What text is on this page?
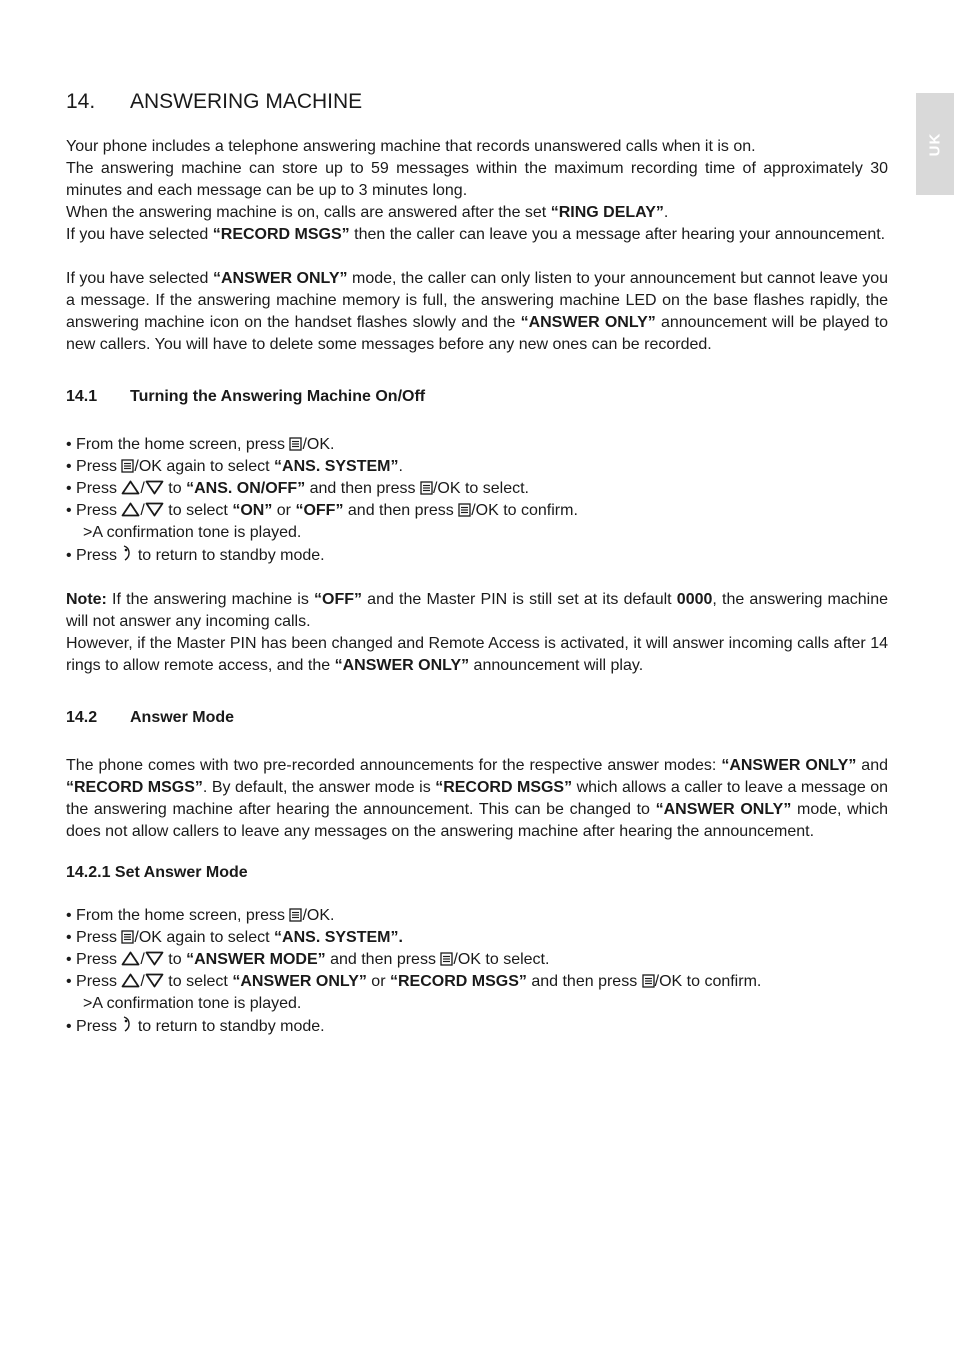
UK
14.	ANSWERING MACHINE

Your phone includes a telephone answering machine that records unanswered calls when it is on.

The answering machine can store up to 59 messages within the maximum recording time of approximately 30 minutes and each message can be up to 3 minutes long.

When the answering machine is on, calls are answered after the set “RING DELAY”.

If you have selected “RECORD MSGS” then the caller can leave you a message after hearing your announcement.

If you have selected “ANSWER ONLY” mode, the caller can only listen to your announcement but cannot leave you a message. If the answering machine memory is full, the answering machine LED on the base flashes rapidly, the answering machine icon on the handset flashes slowly and the “ANSWER ONLY” announcement will be played to new callers. You will have to delete some messages before any new ones can be recorded.

14.1	Turning the Answering Machine On/Off
• From the home screen, press /OK.
• Press /OK again to select “ANS. SYSTEM”.
• Press / to “ANS. ON/OFF” and then press /OK to select.
• Press / to select “ON” or “OFF” and then press /OK to confirm.
>A confirmation tone is played.
• Press  to return to standby mode.

Note: If the answering machine is “OFF” and the Master PIN is still set at its default 0000, the answering machine will not answer any incoming calls.

However, if the Master PIN has been changed and Remote Access is activated, it will answer incoming calls after 14 rings to allow remote access, and the “ANSWER ONLY” announcement will play.

14.2	Answer Mode

The phone comes with two pre-recorded announcements for the respective answer modes: “ANSWER ONLY” and “RECORD MSGS”. By default, the answer mode is “RECORD MSGS” which allows a caller to leave a message on the answering machine after hearing the announcement. This can be changed to “ANSWER ONLY” mode, which does not allow callers to leave any messages on the answering machine after hearing the announcement.

14.2.1 Set Answer Mode
• From the home screen, press /OK.
• Press /OK again to select “ANS. SYSTEM”.
• Press / to “ANSWER MODE” and then press /OK to select.
• Press / to select “ANSWER ONLY” or “RECORD MSGS” and then press /OK to confirm.
>A confirmation tone is played.
• Press  to return to standby mode.
